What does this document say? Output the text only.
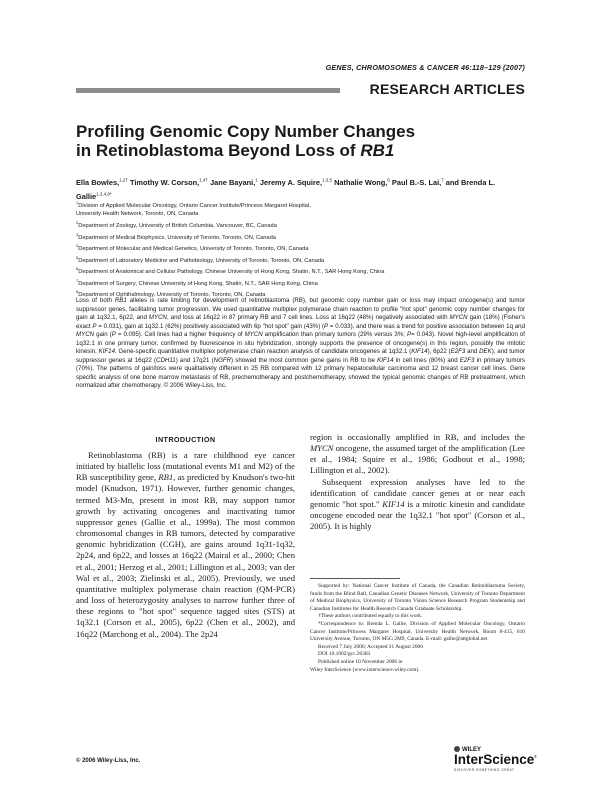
GENES, CHROMOSOMES & CANCER 46:118–129 (2007)
RESEARCH ARTICLES
Profiling Genomic Copy Number Changes
in Retinoblastoma Beyond Loss of RB1
Ella Bowles,$^{1,2\dagger}$ Timothy W. Corson,$^{1,4\dagger}$ Jane Bayani,$^1$ Jeremy A. Squire,$^{1,3,5}$ Nathalie Wong,$^6$ Paul B.-S. Lai,$^7$ and Brenda L. Gallie$^{1,3,4,8*}$
$^1$Division of Applied Molecular Oncology, Ontario Cancer Institute/Princess Margaret Hospital,
University Health Network, Toronto, ON, Canada
$^2$Department of Zoology, University of British Columbia, Vancouver, BC, Canada
$^3$Department of Medical Biophysics, University of Toronto, Toronto, ON, Canada
$^4$Department of Molecular and Medical Genetics, University of Toronto, Toronto, ON, Canada
$^5$Department of Laboratory Medicine and Pathobiology, University of Toronto, Toronto, ON, Canada
$^6$Department of Anatomical and Cellular Pathology, Chinese University of Hong Kong, Shatin, N.T., SAR Hong Kong, China
$^7$Department of Surgery, Chinese University of Hong Kong, Shatin, N.T., SAR Hong Kong, China
$^8$Department of Ophthalmology, University of Toronto, Toronto, ON, Canada
Loss of both RB1 alleles is rate limiting for development of retinoblastoma (RB), but genomic copy number gain or loss may impact oncogene(s) and tumor suppressor genes, facilitating tumor progression. We used quantitative multiplex polymerase chain reaction to profile "hot spot" genomic copy number changes for gain at 1q32.1, 6p22, and MYCN, and loss at 16q22 in 87 primary RB and 7 cell lines. Loss at 16q22 (48%) negatively associated with MYCN gain (18%) (Fisher's exact P = 0.031), gain at 1q32.1 (62%) positively associated with 6p "hot spot" gain (43%) (P = 0.033), and there was a trend for positive association between 1q and MYCN gain (P = 0.095). Cell lines had a higher frequency of MYCN amplification than primary tumors (29% versus 3%; P= 0.043). Novel high-level amplification of 1q32.1 in one primary tumor, confirmed by fluorescence in situ hybridization, strongly supports the presence of oncogene(s) in this region, possibly the mitotic kinesin, KIF14. Gene-specific quantitative multiplex polymerase chain reaction analysis of candidate oncogenes at 1q32.1 (KIF14), 6p22 (E2F3 and DEK), and tumor suppressor genes at 16q22 (CDH11) and 17q21 (NGFR) showed the most common gene gains in RB to be KIF14 in cell lines (80%) and E2F3 in primary tumors (70%). The patterns of gain/loss were qualitatively different in 25 RB compared with 12 primary hepatocellular carcinoma and 12 breast cancer cell lines. Gene specific analysis of one bone marrow metastasis of RB, prechemotherapy and postchemotherapy, showed the typical genomic changes of RB pretreatment, which normalized after chemotherapy. © 2006 Wiley-Liss, Inc.
INTRODUCTION

Retinoblastoma (RB) is a rare childhood eye cancer initiated by biallelic loss (mutational events M1 and M2) of the RB susceptibility gene, RB1, as predicted by Knudson's two-hit model (Knudson, 1971). However, further genomic changes, termed M3-Mn, present in most RB, may support tumor growth by activating oncogenes and inactivating tumor suppressor genes (Gallie et al., 1999a). The most common chromosomal changes in RB tumors, detected by comparative genomic hybridization (CGH), are gains around 1q31-1q32, 2p24, and 6p22, and losses at 16q22 (Mairal et al., 2000; Chen et al., 2001; Herzog et al., 2001; Lillington et al., 2003; van der Wal et al., 2003; Zielinski et al., 2005). Previously, we used quantitative multiplex polymerase chain reaction (QM-PCR) and loss of heterozygosity analyses to narrow further three of these regions to "hot spot" sequence tagged sites (STS) at 1q32.1 (Corson et al., 2005), 6p22 (Chen et al., 2002), and 16q22 (Marchong et al., 2004). The 2p24

region is occasionally amplified in RB, and includes the MYCN oncogene, the assumed target of the amplification (Lee et al., 1984; Squire et al., 1986; Godbout et al., 1998; Lillington et al., 2002).

Subsequent expression analyses have led to the identification of candidate cancer genes at or near each genomic "hot spot." KIF14 is a mitotic kinesin and candidate oncogene encoded near the 1q32.1 "hot spot" (Corson et al., 2005). It is highly

Supported by: National Cancer Institute of Canada, the Canadian Retinoblastoma Society, funds from the Blind Ball, Canadian Genetic Diseases Network, University of Toronto Department of Medical Biophysics, University of Toronto Vision Science Research Program Studentship and Canadian Institutes for Health Research Canada Graduate Scholarship.

†These authors contributed equally to this work.

*Correspondence to: Brenda L. Gallie, Division of Applied Molecular Oncology, Ontario Cancer Institute/Princess Margaret Hospital, University Health Network, Room 8-415, 610 University Avenue, Toronto, ON M5G 2M9, Canada. E-mail: gallie@attglobal.net

Received 7 July 2006; Accepted 31 August 2006

DOI 10.1002/gcc.20383

Published online 10 November 2006 in

Wiley InterScience (www.interscience.wiley.com).

© 2006 Wiley-Liss, Inc.
WILEY
InterScience ®
DISCOVER SOMETHING GREAT
